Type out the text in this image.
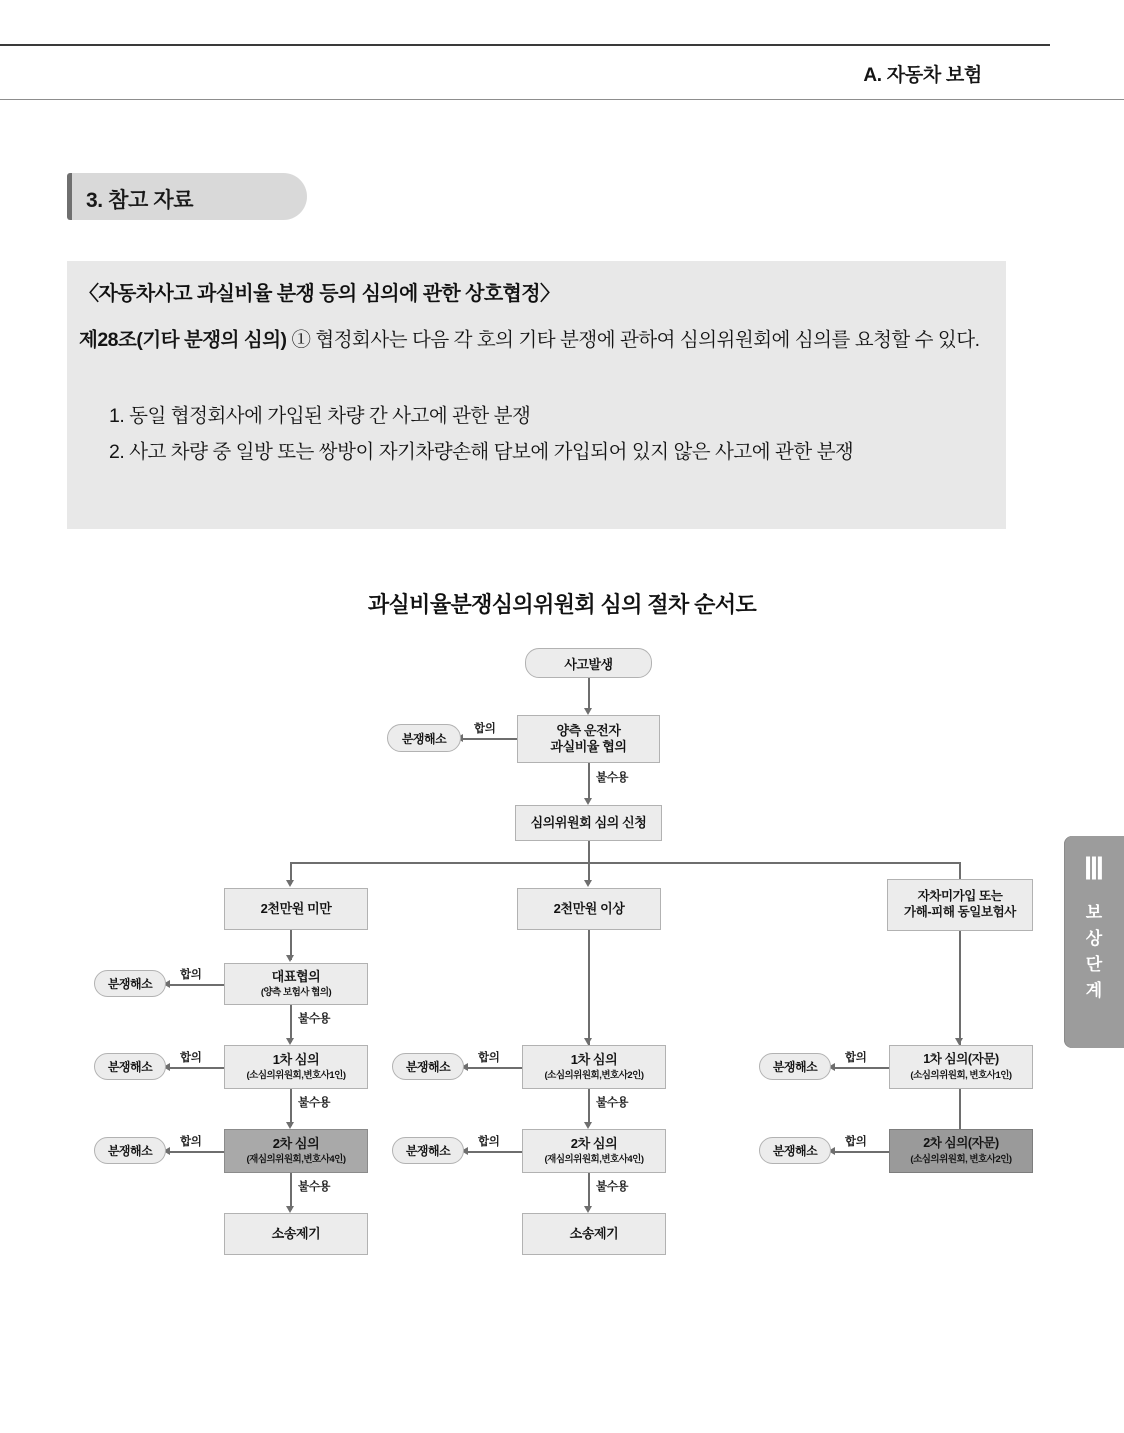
A. 자동차 보험
3. 참고 자료
〈자동차사고 과실비율 분쟁 등의 심의에 관한 상호협정〉
제28조(기타 분쟁의 심의) ① 협정회사는 다음 각 호의 기타 분쟁에 관하여 심의위원회에 심의를 요청할 수 있다.
1. 동일 협정회사에 가입된 차량 간 사고에 관한 분쟁
2. 사고 차량 중 일방 또는 쌍방이 자기차량손해 담보에 가입되어 있지 않은 사고에 관한 분쟁
과실비율분쟁심의위원회 심의 절차 순서도
사고발생
양측 운전자
과실비율 협의
합의
분쟁해소
불수용
심의위원회 심의 신청
2천만원 미만	2천만원 이상
자차미가입 또는
가해-피해 동일보험사
대표협의
(양측 보험사 협의)
합의
분쟁해소
불수용
1차 심의
(소심의위원회,변호사1인)
합의
분쟁해소
불수용
2차 심의
(재심의위원회,변호사4인)
합의
분쟁해소
불수용
소송제기
1차 심의
(소심의위원회,변호사2인)
합의
분쟁해소
불수용
2차 심의
(재심의위원회,변호사4인)
합의
분쟁해소
불수용
소송제기
1차 심의(자문)
(소심의위원회, 변호사1인)
합의
분쟁해소
2차 심의(자문)
(소심의위원회, 변호사2인)
합의
분쟁해소
Ⅲ
보
상
단
계
